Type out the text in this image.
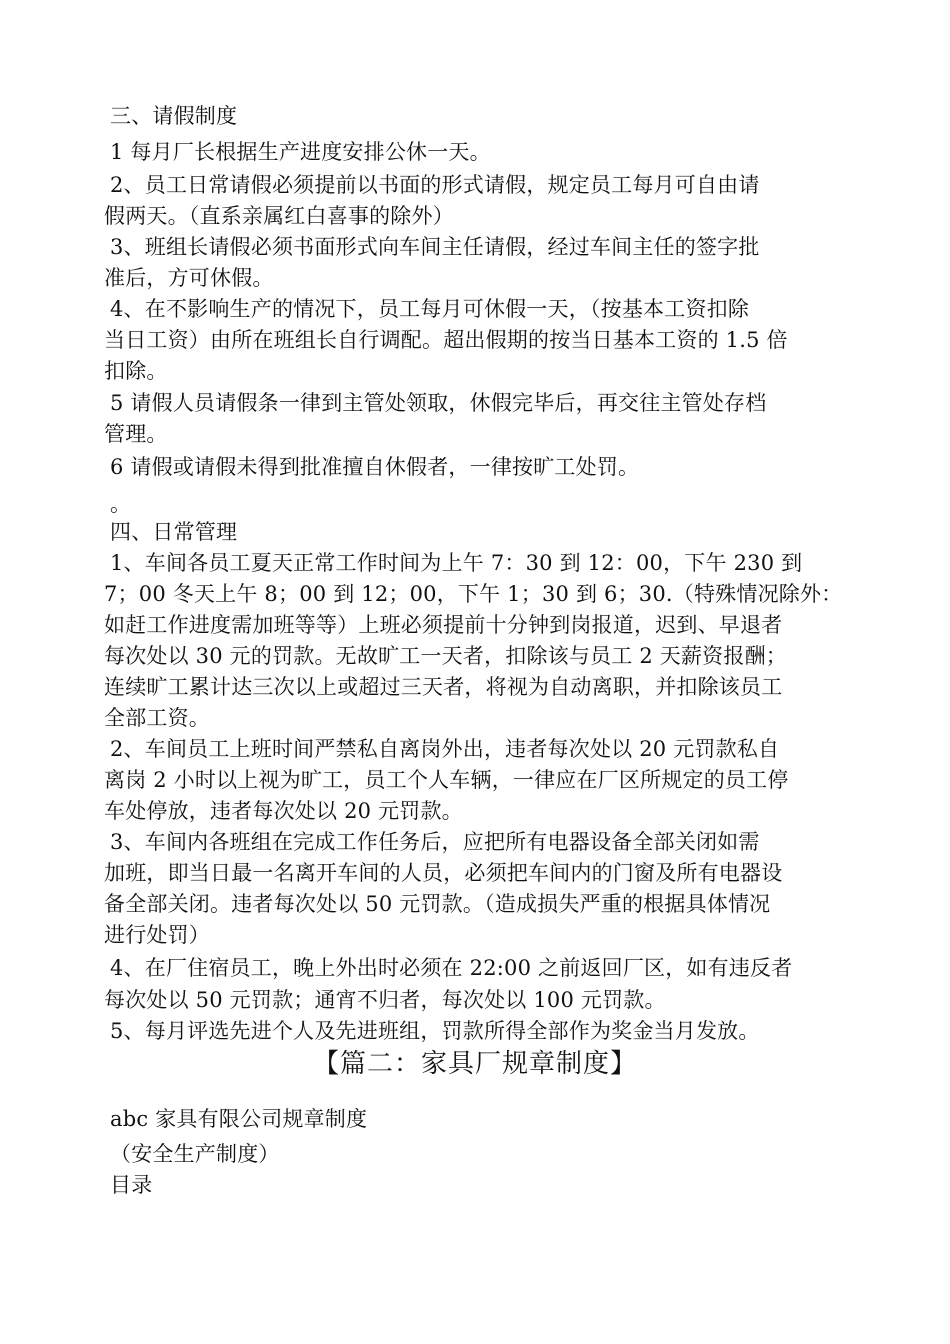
三、请假制度
1 每月厂长根据生产进度安排公休一天。
2、员工日常请假必须提前以书面的形式请假，规定员工每月可自由请
假两天。（直系亲属红白喜事的除外）
3、班组长请假必须书面形式向车间主任请假，经过车间主任的签字批
准后，方可休假。
4、在不影响生产的情况下，员工每月可休假一天，（按基本工资扣除
当日工资）由所在班组长自行调配。超出假期的按当日基本工资的 1.5 倍
扣除。
5 请假人员请假条一律到主管处领取，休假完毕后，再交往主管处存档
管理。
6 请假或请假未得到批准擅自休假者，一律按旷工处罚。
。
四、日常管理
1、车间各员工夏天正常工作时间为上午 7：30 到 12：00，下午 230 到
7；00 冬天上午 8；00 到 12；00，下午 1；30 到 6；30.（特殊情况除外：
如赶工作进度需加班等等）上班必须提前十分钟到岗报道，迟到、早退者
每次处以 30 元的罚款。无故旷工一天者，扣除该与员工 2 天薪资报酬；
连续旷工累计达三次以上或超过三天者，将视为自动离职，并扣除该员工
全部工资。
2、车间员工上班时间严禁私自离岗外出，违者每次处以 20 元罚款私自
离岗 2 小时以上视为旷工，员工个人车辆，一律应在厂区所规定的员工停
车处停放，违者每次处以 20 元罚款。
3、车间内各班组在完成工作任务后，应把所有电器设备全部关闭如需
加班，即当日最一名离开车间的人员，必须把车间内的门窗及所有电器设
备全部关闭。违者每次处以 50 元罚款。（造成损失严重的根据具体情况
进行处罚）
4、在厂住宿员工，晚上外出时必须在 22:00 之前返回厂区，如有违反者
每次处以 50 元罚款；通宵不归者，每次处以 100 元罚款。
5、每月评选先进个人及先进班组，罚款所得全部作为奖金当月发放。
【篇二：家具厂规章制度】
abc 家具有限公司规章制度
（安全生产制度）
目录
